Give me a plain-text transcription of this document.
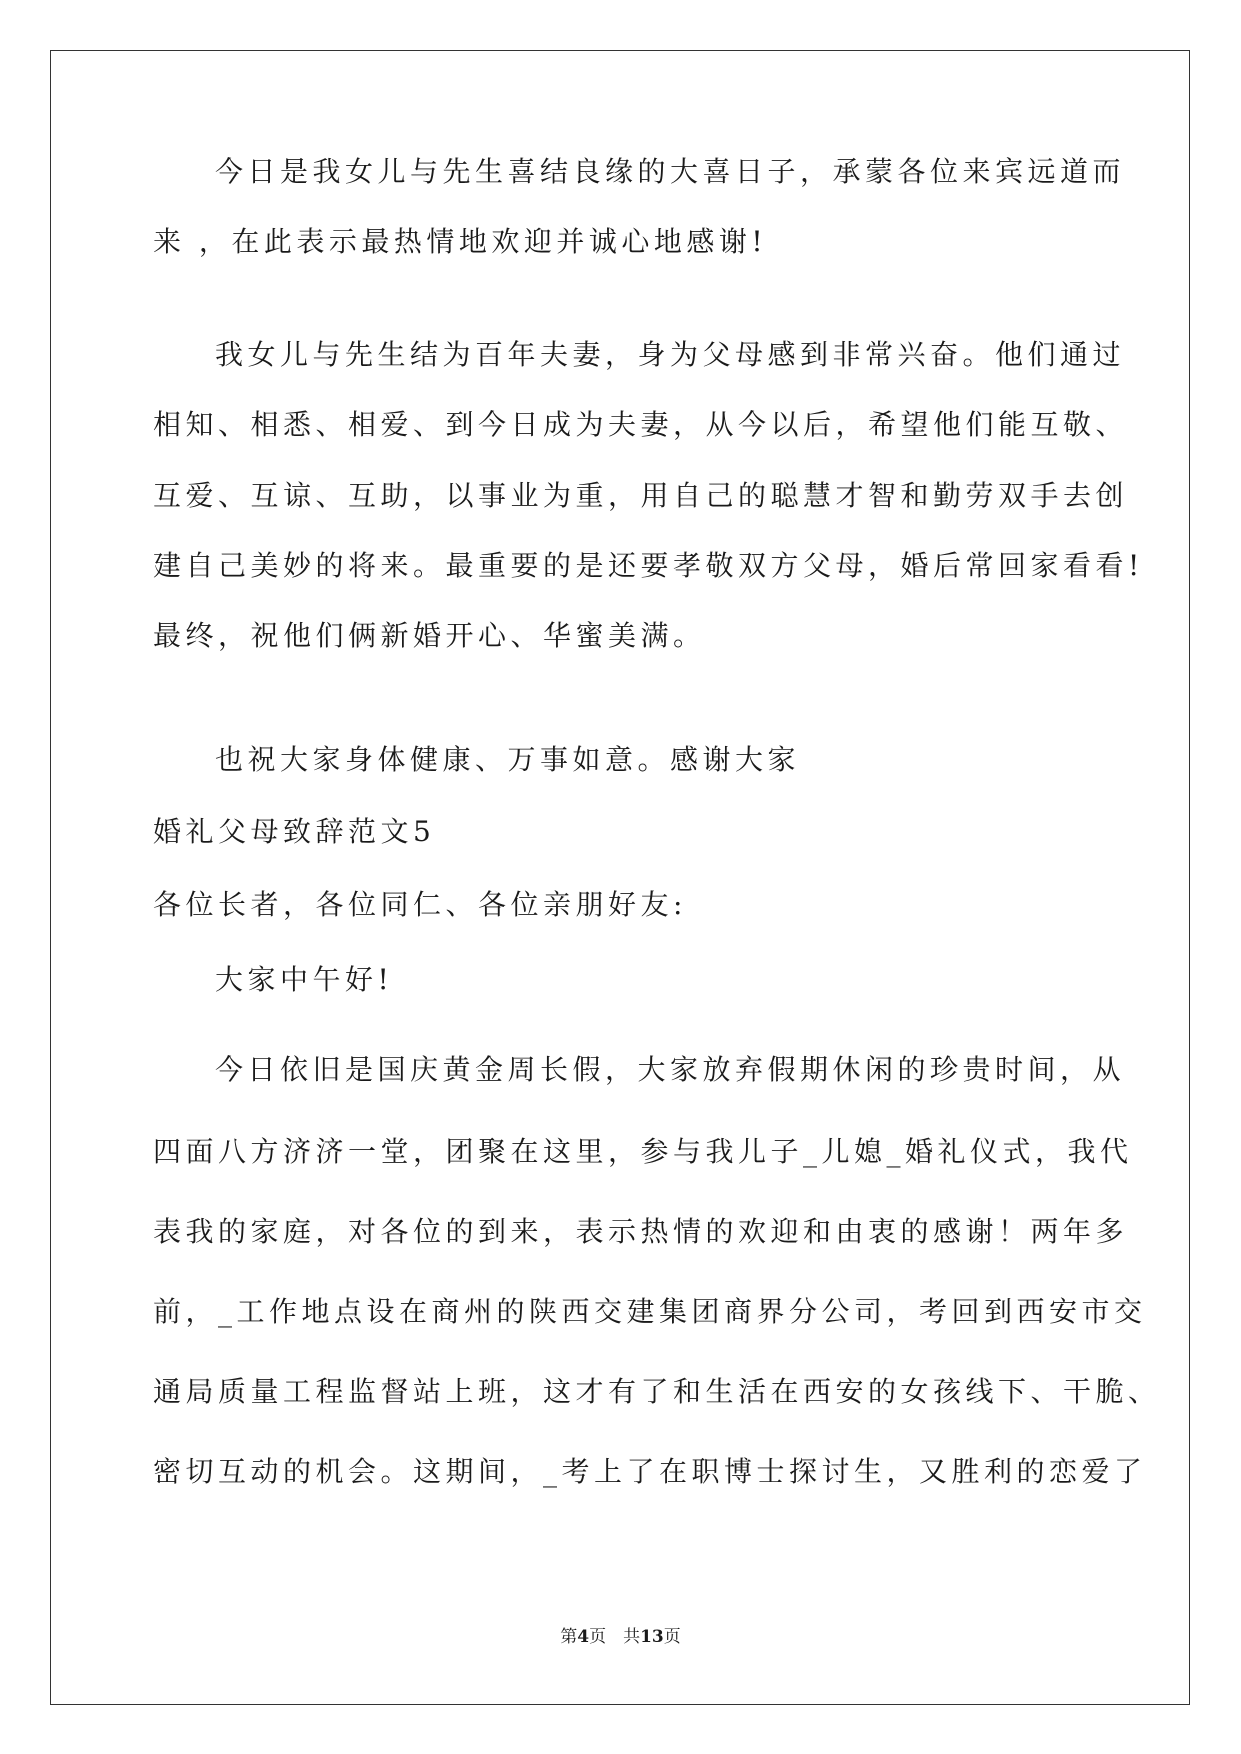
今日是我女儿与先生喜结良缘的大喜日子，承蒙各位来宾远道而
来 ，在此表示最热情地欢迎并诚心地感谢!
我女儿与先生结为百年夫妻，身为父母感到非常兴奋。他们通过
相知、相悉、相爱、到今日成为夫妻，从今以后，希望他们能互敬、
互爱、互谅、互助，以事业为重，用自己的聪慧才智和勤劳双手去创
建自己美妙的将来。最重要的是还要孝敬双方父母，婚后常回家看看!
最终，祝他们俩新婚开心、华蜜美满。
也祝大家身体健康、万事如意。感谢大家
婚礼父母致辞范文5
各位长者，各位同仁、各位亲朋好友:
大家中午好!
今日依旧是国庆黄金周长假，大家放弃假期休闲的珍贵时间，从
四面八方济济一堂，团聚在这里，参与我儿子_儿媳_婚礼仪式，我代
表我的家庭，对各位的到来，表示热情的欢迎和由衷的感谢！两年多
前，_工作地点设在商州的陕西交建集团商界分公司，考回到西安市交
通局质量工程监督站上班，这才有了和生活在西安的女孩线下、干脆、
密切互动的机会。这期间，_考上了在职博士探讨生，又胜利的恋爱了
第4页　共13页
